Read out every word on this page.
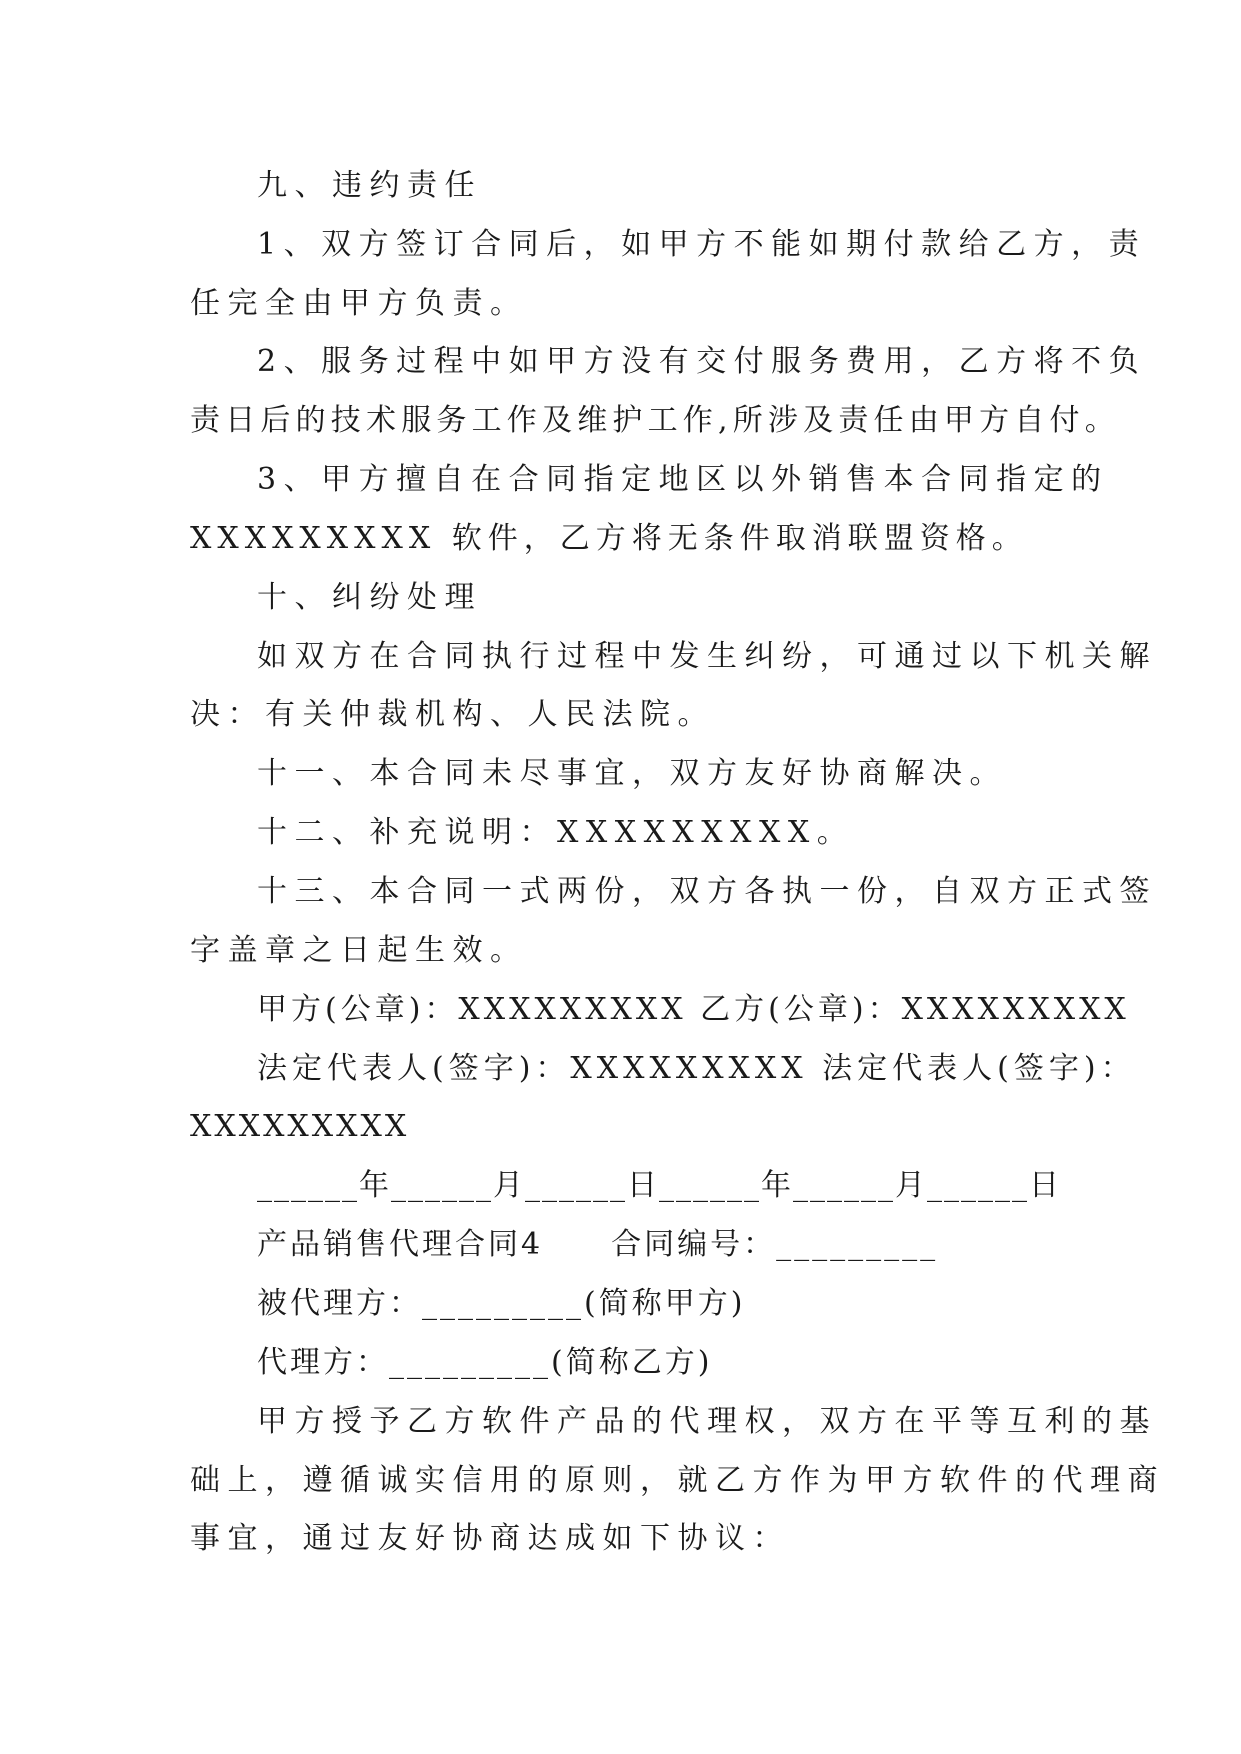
九、违约责任
1、双方签订合同后，如甲方不能如期付款给乙方，责
任完全由甲方负责。
2、服务过程中如甲方没有交付服务费用，乙方将不负
责日后的技术服务工作及维护工作,所涉及责任由甲方自付。
3、甲方擅自在合同指定地区以外销售本合同指定的
XXXXXXXXX 软件，乙方将无条件取消联盟资格。
十、纠纷处理
如双方在合同执行过程中发生纠纷，可通过以下机关解
决：有关仲裁机构、人民法院。
十一、本合同未尽事宜，双方友好协商解决。
十二、补充说明：XXXXXXXXX。
十三、本合同一式两份，双方各执一份，自双方正式签
字盖章之日起生效。
甲方(公章)：XXXXXXXXX 乙方(公章)：XXXXXXXXX
法定代表人(签字)：XXXXXXXXX 法定代表人(签字)：
XXXXXXXXX
______年______月______日______年______月______日
产品销售代理合同4 合同编号：_________
被代理方：_________(简称甲方)
代理方：_________(简称乙方)
甲方授予乙方软件产品的代理权，双方在平等互利的基
础上，遵循诚实信用的原则，就乙方作为甲方软件的代理商
事宜，通过友好协商达成如下协议：
